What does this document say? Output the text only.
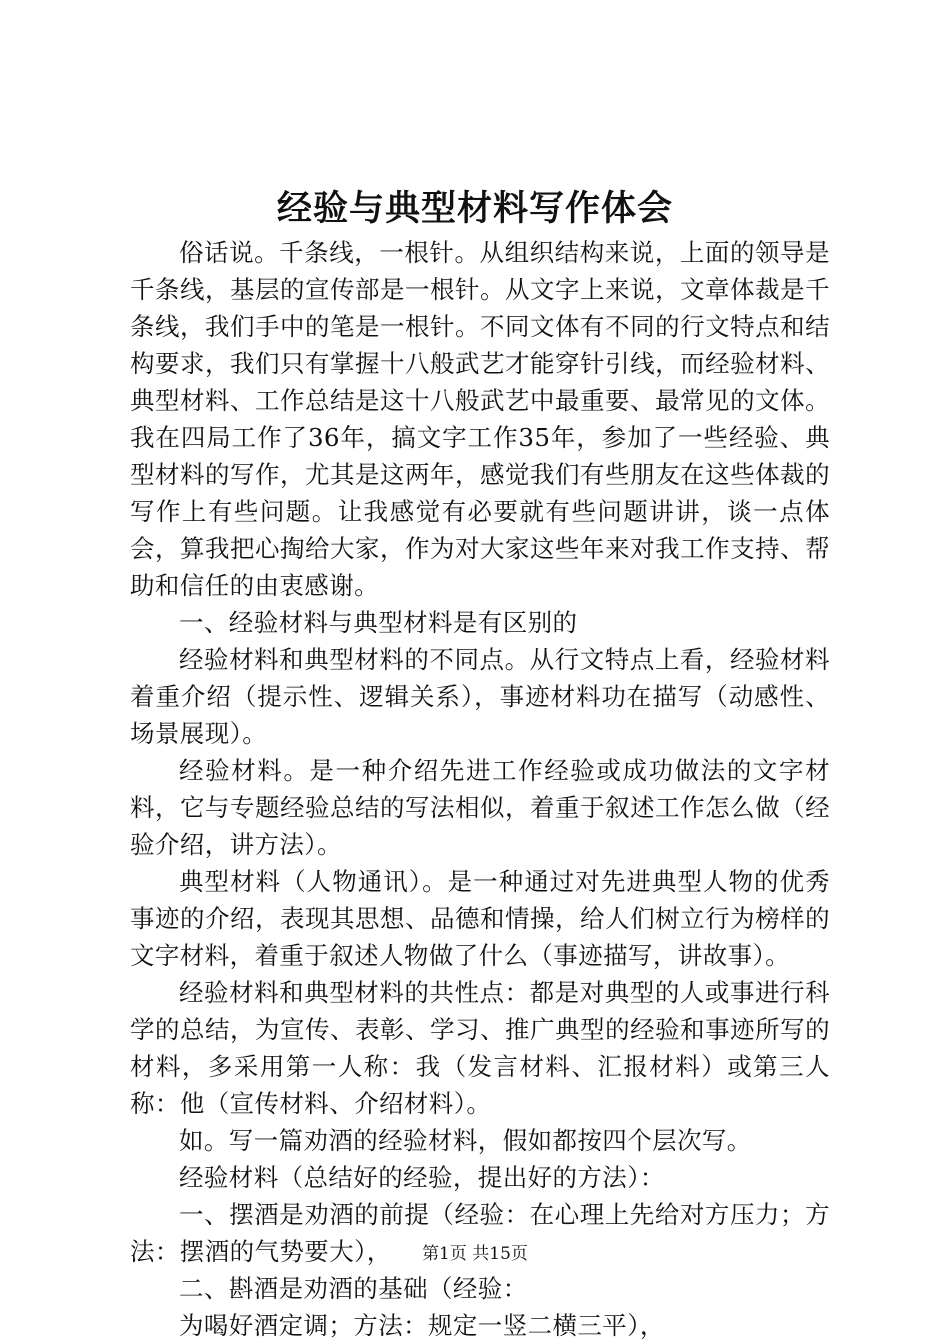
经验与典型材料写作体会

俗话说。千条线，一根针。从组织结构来说，上面的领导是千条线，基层的宣传部是一根针。从文字上来说，文章体裁是千条线，我们手中的笔是一根针。不同文体有不同的行文特点和结构要求，我们只有掌握十八般武艺才能穿针引线，而经验材料、典型材料、工作总结是这十八般武艺中最重要、最常见的文体。我在四局工作了36年，搞文字工作35年，参加了一些经验、典型材料的写作，尤其是这两年，感觉我们有些朋友在这些体裁的写作上有些问题。让我感觉有必要就有些问题讲讲，谈一点体会，算我把心掏给大家，作为对大家这些年来对我工作支持、帮助和信任的由衷感谢。

一、经验材料与典型材料是有区别的

经验材料和典型材料的不同点。从行文特点上看，经验材料着重介绍（提示性、逻辑关系），事迹材料功在描写（动感性、场景展现）。

经验材料。是一种介绍先进工作经验或成功做法的文字材料，它与专题经验总结的写法相似，着重于叙述工作怎么做（经验介绍，讲方法）。

典型材料（人物通讯）。是一种通过对先进典型人物的优秀事迹的介绍，表现其思想、品德和情操，给人们树立行为榜样的文字材料，着重于叙述人物做了什么（事迹描写，讲故事）。

经验材料和典型材料的共性点：都是对典型的人或事进行科学的总结，为宣传、表彰、学习、推广典型的经验和事迹所写的材料，多采用第一人称：我（发言材料、汇报材料）或第三人称：他（宣传材料、介绍材料）。

如。写一篇劝酒的经验材料，假如都按四个层次写。

经验材料（总结好的经验，提出好的方法）：

一、摆酒是劝酒的前提（经验：在心理上先给对方压力；方法：摆酒的气势要大），

二、斟酒是劝酒的基础（经验：

为喝好酒定调；方法：规定一竖二横三平），

第1页 共15页
